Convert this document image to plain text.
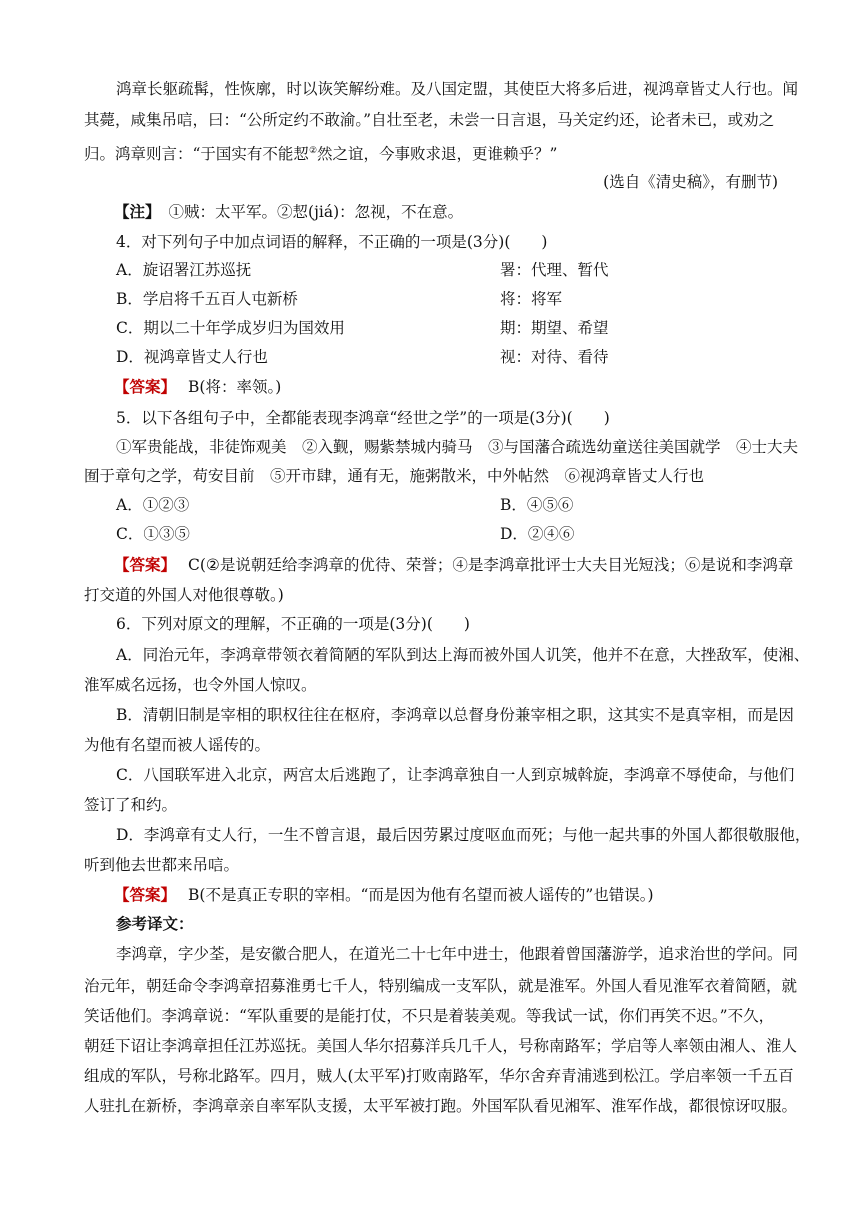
鸿章长躯疏髯，性恢廓，时以诙笑解纷难。及八国定盟，其使臣大将多后进，视鸿章皆丈人行也。闻
其薨，咸集吊唁，曰：“公所定约不敢渝。”自壮至老，未尝一日言退，马关定约还，论者未已，或劝之
归。鸿章则言：“于国实有不能恝②然之谊，今事败求退，更谁赖乎？”
(选自《清史稿》，有删节)
【注】 ①贼：太平军。②恝(jiá)：忽视，不在意。
4．对下列句子中加点词语的解释，不正确的一项是(3分)(　　)
A．旋诏署江苏巡抚	署：代理、暂代
B．学启将千五百人屯新桥	将：将军
C．期以二十年学成岁归为国效用	期：期望、希望
D．视鸿章皆丈人行也	视：对待、看待
【答案】 B(将：率领。)
5．以下各组句子中，全都能表现李鸿章“经世之学”的一项是(3分)(　　)
①军贵能战，非徒饰观美　②入觐，赐紫禁城内骑马　③与国藩合疏选幼童送往美国就学　④士大夫
囿于章句之学，苟安目前　⑤开市肆，通有无，施粥散米，中外帖然　⑥视鸿章皆丈人行也
A．①②③	B．④⑤⑥
C．①③⑤	D．②④⑥
【答案】 C(②是说朝廷给李鸿章的优待、荣誉；④是李鸿章批评士大夫目光短浅；⑥是说和李鸿章
打交道的外国人对他很尊敬。)
6．下列对原文的理解，不正确的一项是(3分)(　　)
A．同治元年，李鸿章带领衣着简陋的军队到达上海而被外国人讥笑，他并不在意，大挫敌军，使湘、
淮军威名远扬，也令外国人惊叹。
B．清朝旧制是宰相的职权往往在枢府，李鸿章以总督身份兼宰相之职，这其实不是真宰相，而是因
为他有名望而被人谣传的。
C．八国联军进入北京，两宫太后逃跑了，让李鸿章独自一人到京城斡旋，李鸿章不辱使命，与他们
签订了和约。
D．李鸿章有丈人行，一生不曾言退，最后因劳累过度呕血而死；与他一起共事的外国人都很敬服他，
听到他去世都来吊唁。
【答案】 B(不是真正专职的宰相。“而是因为他有名望而被人谣传的”也错误。)
参考译文：
李鸿章，字少荃，是安徽合肥人，在道光二十七年中进士，他跟着曾国藩游学，追求治世的学问。同
治元年，朝廷命令李鸿章招募淮勇七千人，特别编成一支军队，就是淮军。外国人看见淮军衣着简陋，就
笑话他们。李鸿章说：“军队重要的是能打仗，不只是着装美观。等我试一试，你们再笑不迟。”不久，
朝廷下诏让李鸿章担任江苏巡抚。美国人华尔招募洋兵几千人，号称南路军；学启等人率领由湘人、淮人
组成的军队，号称北路军。四月，贼人(太平军)打败南路军，华尔舍弃青浦逃到松江。学启率领一千五百
人驻扎在新桥，李鸿章亲自率军队支援，太平军被打跑。外国军队看见湘军、淮军作战，都很惊讶叹服。
